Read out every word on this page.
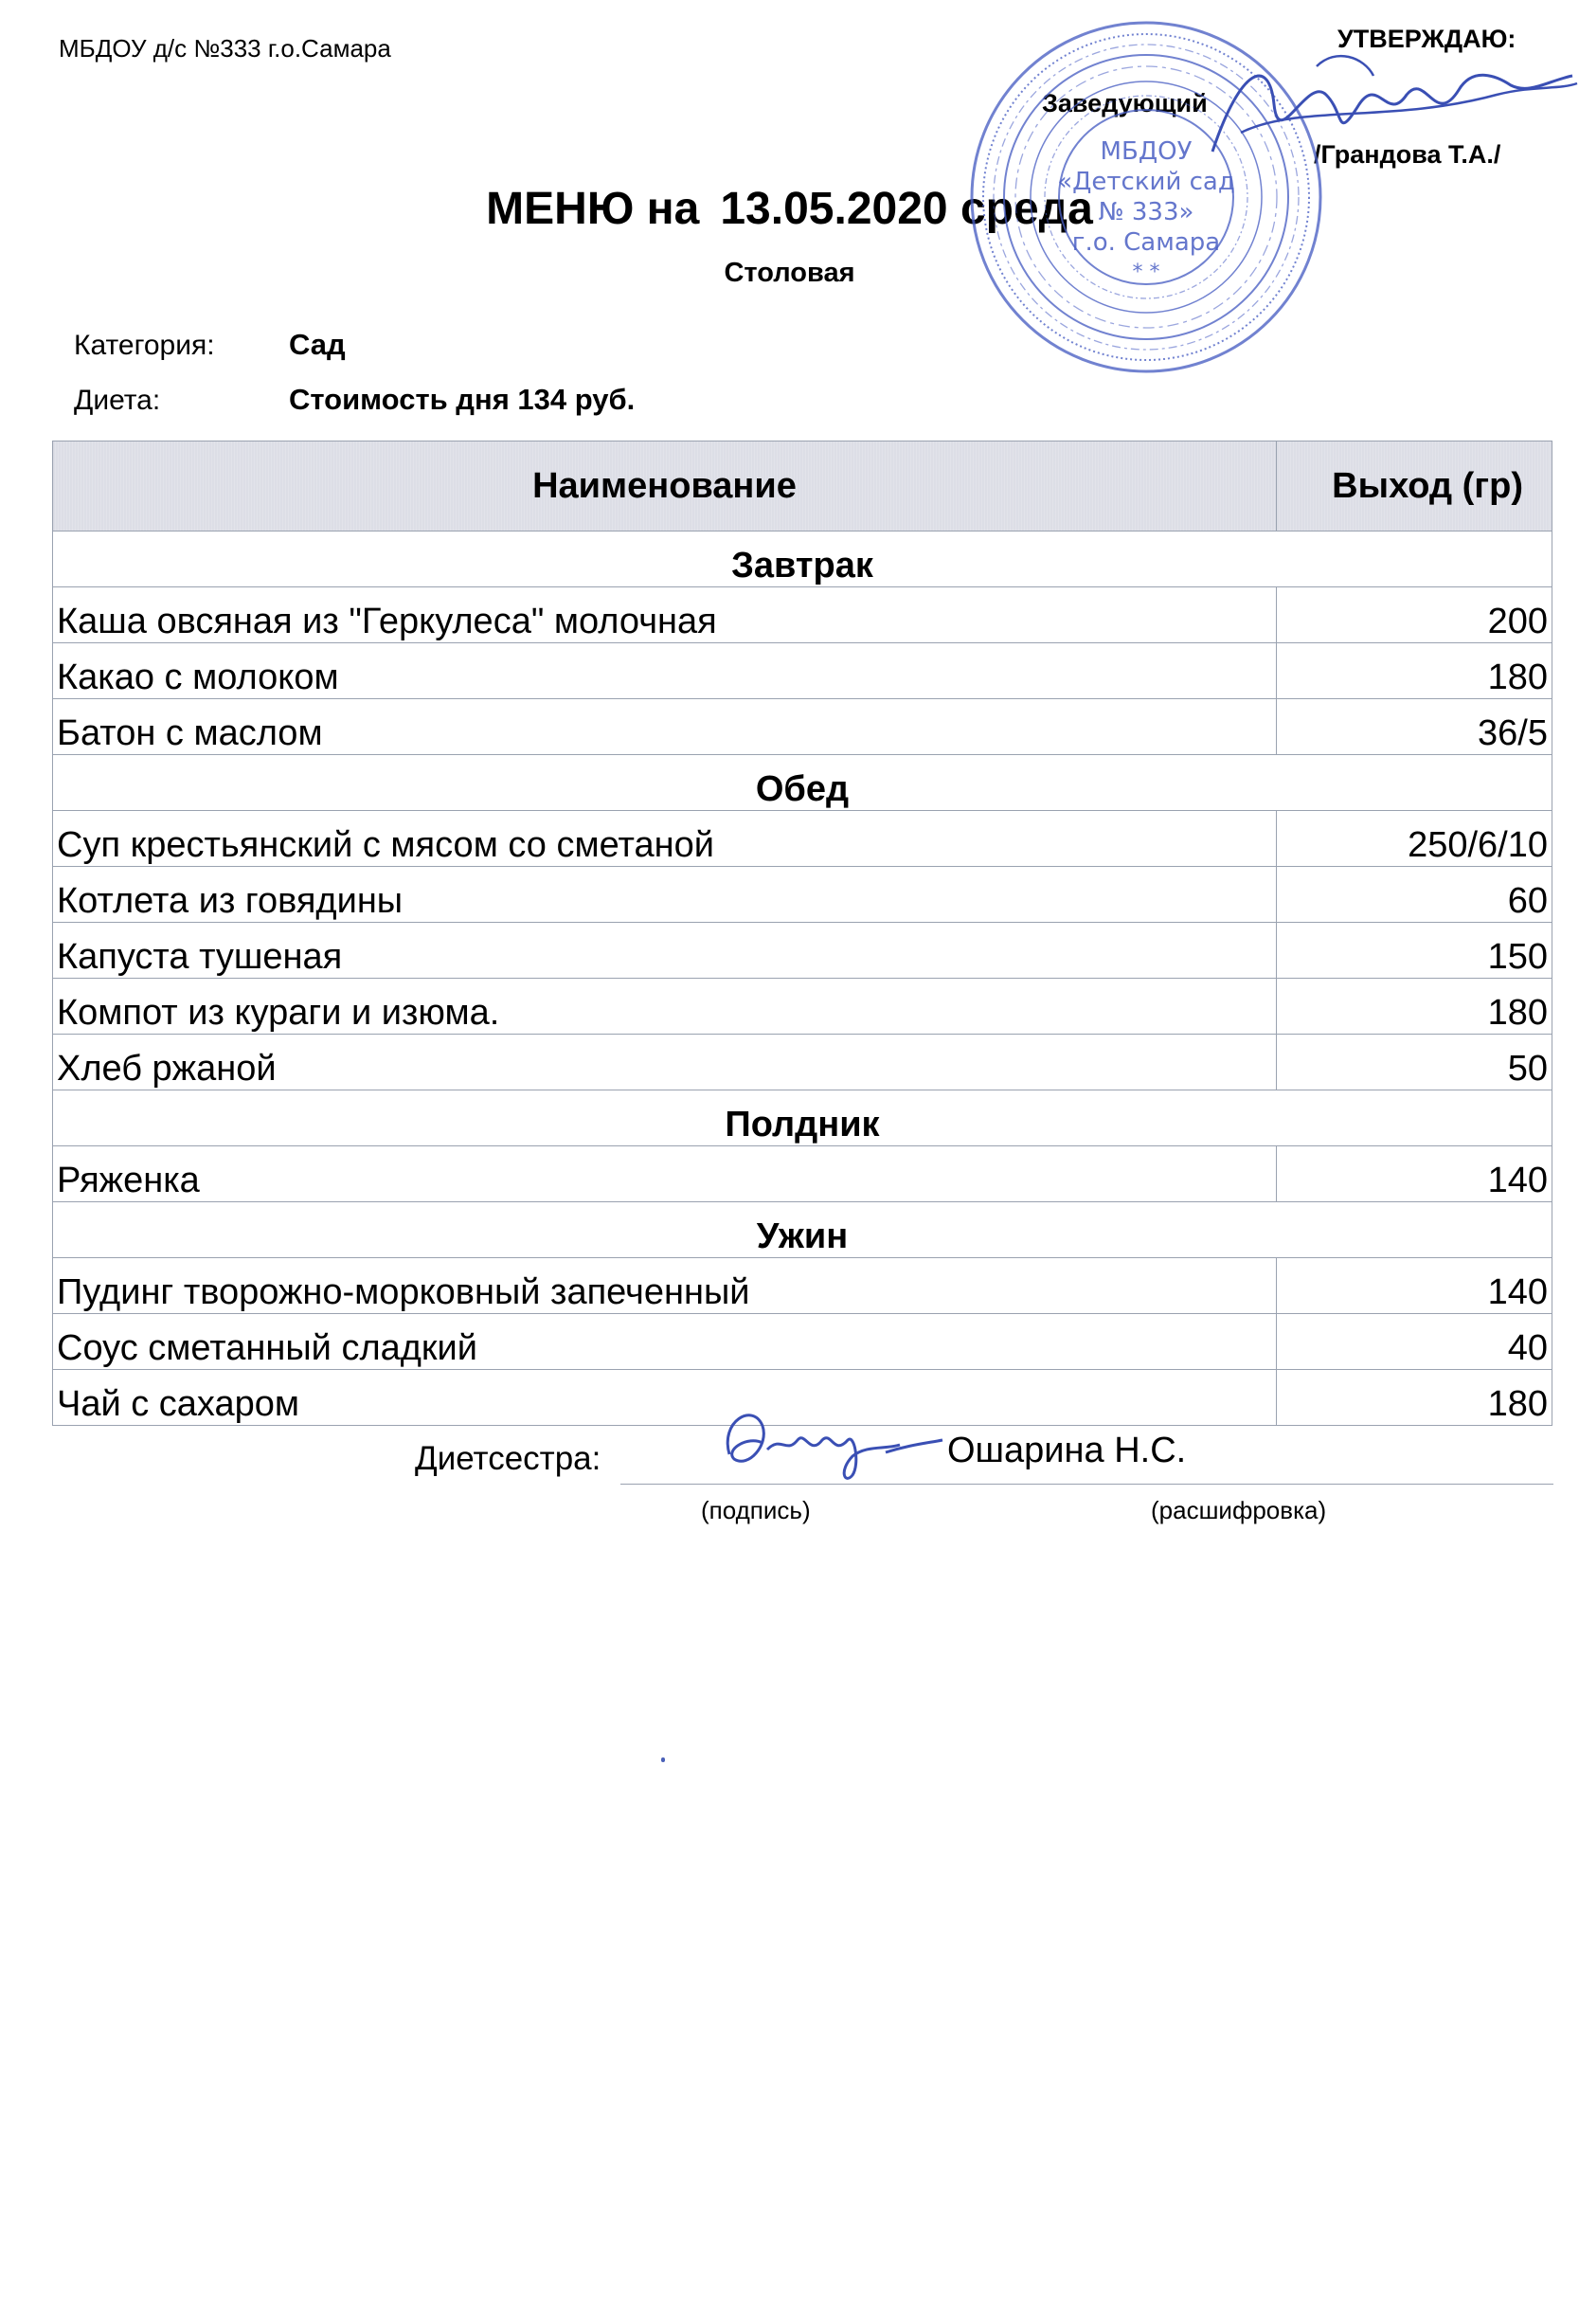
МБДОУ д/с №333 г.о.Самара	УТВЕРЖДАЮ:
Заведующий
/Грандова Т.А./
МЕНЮ на 13.05.2020 среда
Столовая
Категория:	Сад
Диета:	Стоимость дня 134 руб.
Наименование	Выход (гр)
Завтрак	
Каша овсяная из "Геркулеса" молочная	200
Какао с молоком	180
Батон с маслом	36/5
Обед	
Суп крестьянский с мясом со сметаной	250/6/10
Котлета из говядины	60
Капуста тушеная	150
Компот из кураги и изюма.	180
Хлеб ржаной	50
Полдник	
Ряженка	140
Ужин	
Пудинг творожно-морковный запеченный	140
Соус сметанный сладкий	40
Чай с сахаром	180
Диетсестра:	Ошарина Н.С.
(подпись)	(расшифровка)
МБДОУ
«Детский сад
№ 333»
г.о. Самара
* *
